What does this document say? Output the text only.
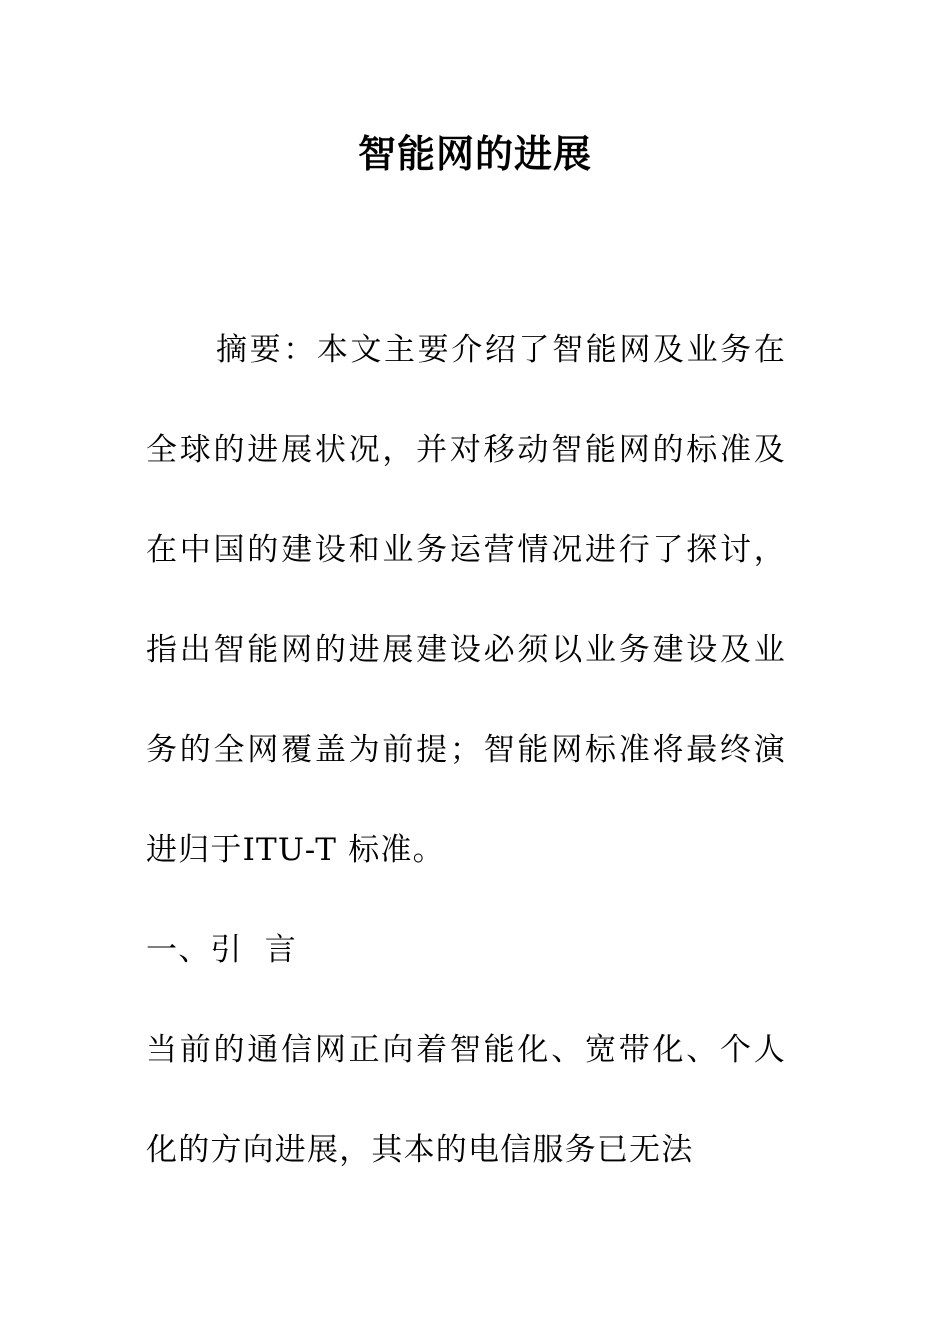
智能网的进展

摘要：本文主要介绍了智能网及业务在全球的进展状况，并对移动智能网的标准及在中国的建设和业务运营情况进行了探讨，指出智能网的进展建设必须以业务建设及业务的全网覆盖为前提；智能网标准将最终演进归于ITU-T 标准。

一、引  言

当前的通信网正向着智能化、宽带化、个人化的方向进展，其本的电信服务已无法
